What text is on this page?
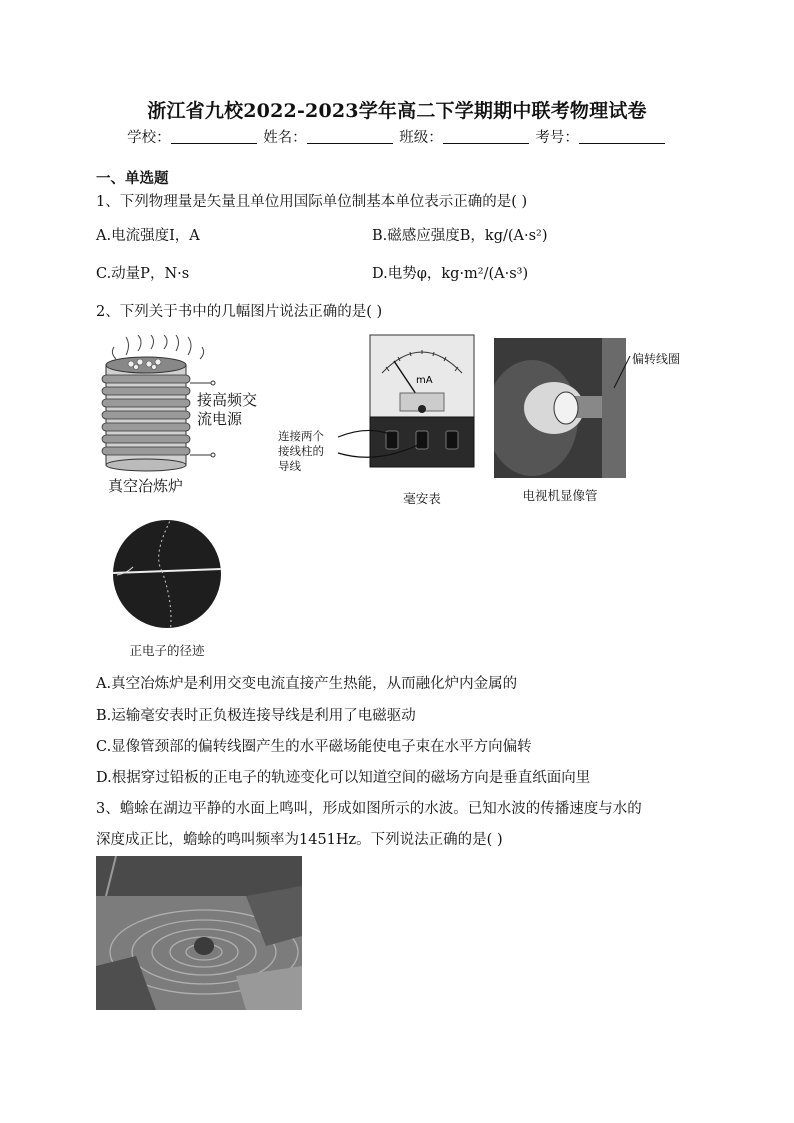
浙江省九校2022-2023学年高二下学期期中联考物理试卷
学校：	姓名：	班级：	考号：
一、单选题
1、下列物理量是矢量且单位用国际单位制基本单位表示正确的是( )
A.电流强度I，A	B.磁感应强度B，kg/(A·s²)
C.动量P，N·s	D.电势φ，kg·m²/(A·s³)
2、下列关于书中的几幅图片说法正确的是( )
接高频交
流电源
真空冶炼炉
mA
连接两个
接线柱的
导线
毫安表
偏转线圈
电视机显像管
正电子的径迹
A.真空冶炼炉是利用交变电流直接产生热能，从而融化炉内金属的
B.运输毫安表时正负极连接导线是利用了电磁驱动
C.显像管颈部的偏转线圈产生的水平磁场能使电子束在水平方向偏转
D.根据穿过铅板的正电子的轨迹变化可以知道空间的磁场方向是垂直纸面向里
3、蟾蜍在湖边平静的水面上鸣叫，形成如图所示的水波。已知水波的传播速度与水的
深度成正比，蟾蜍的鸣叫频率为1451Hz。下列说法正确的是( )
